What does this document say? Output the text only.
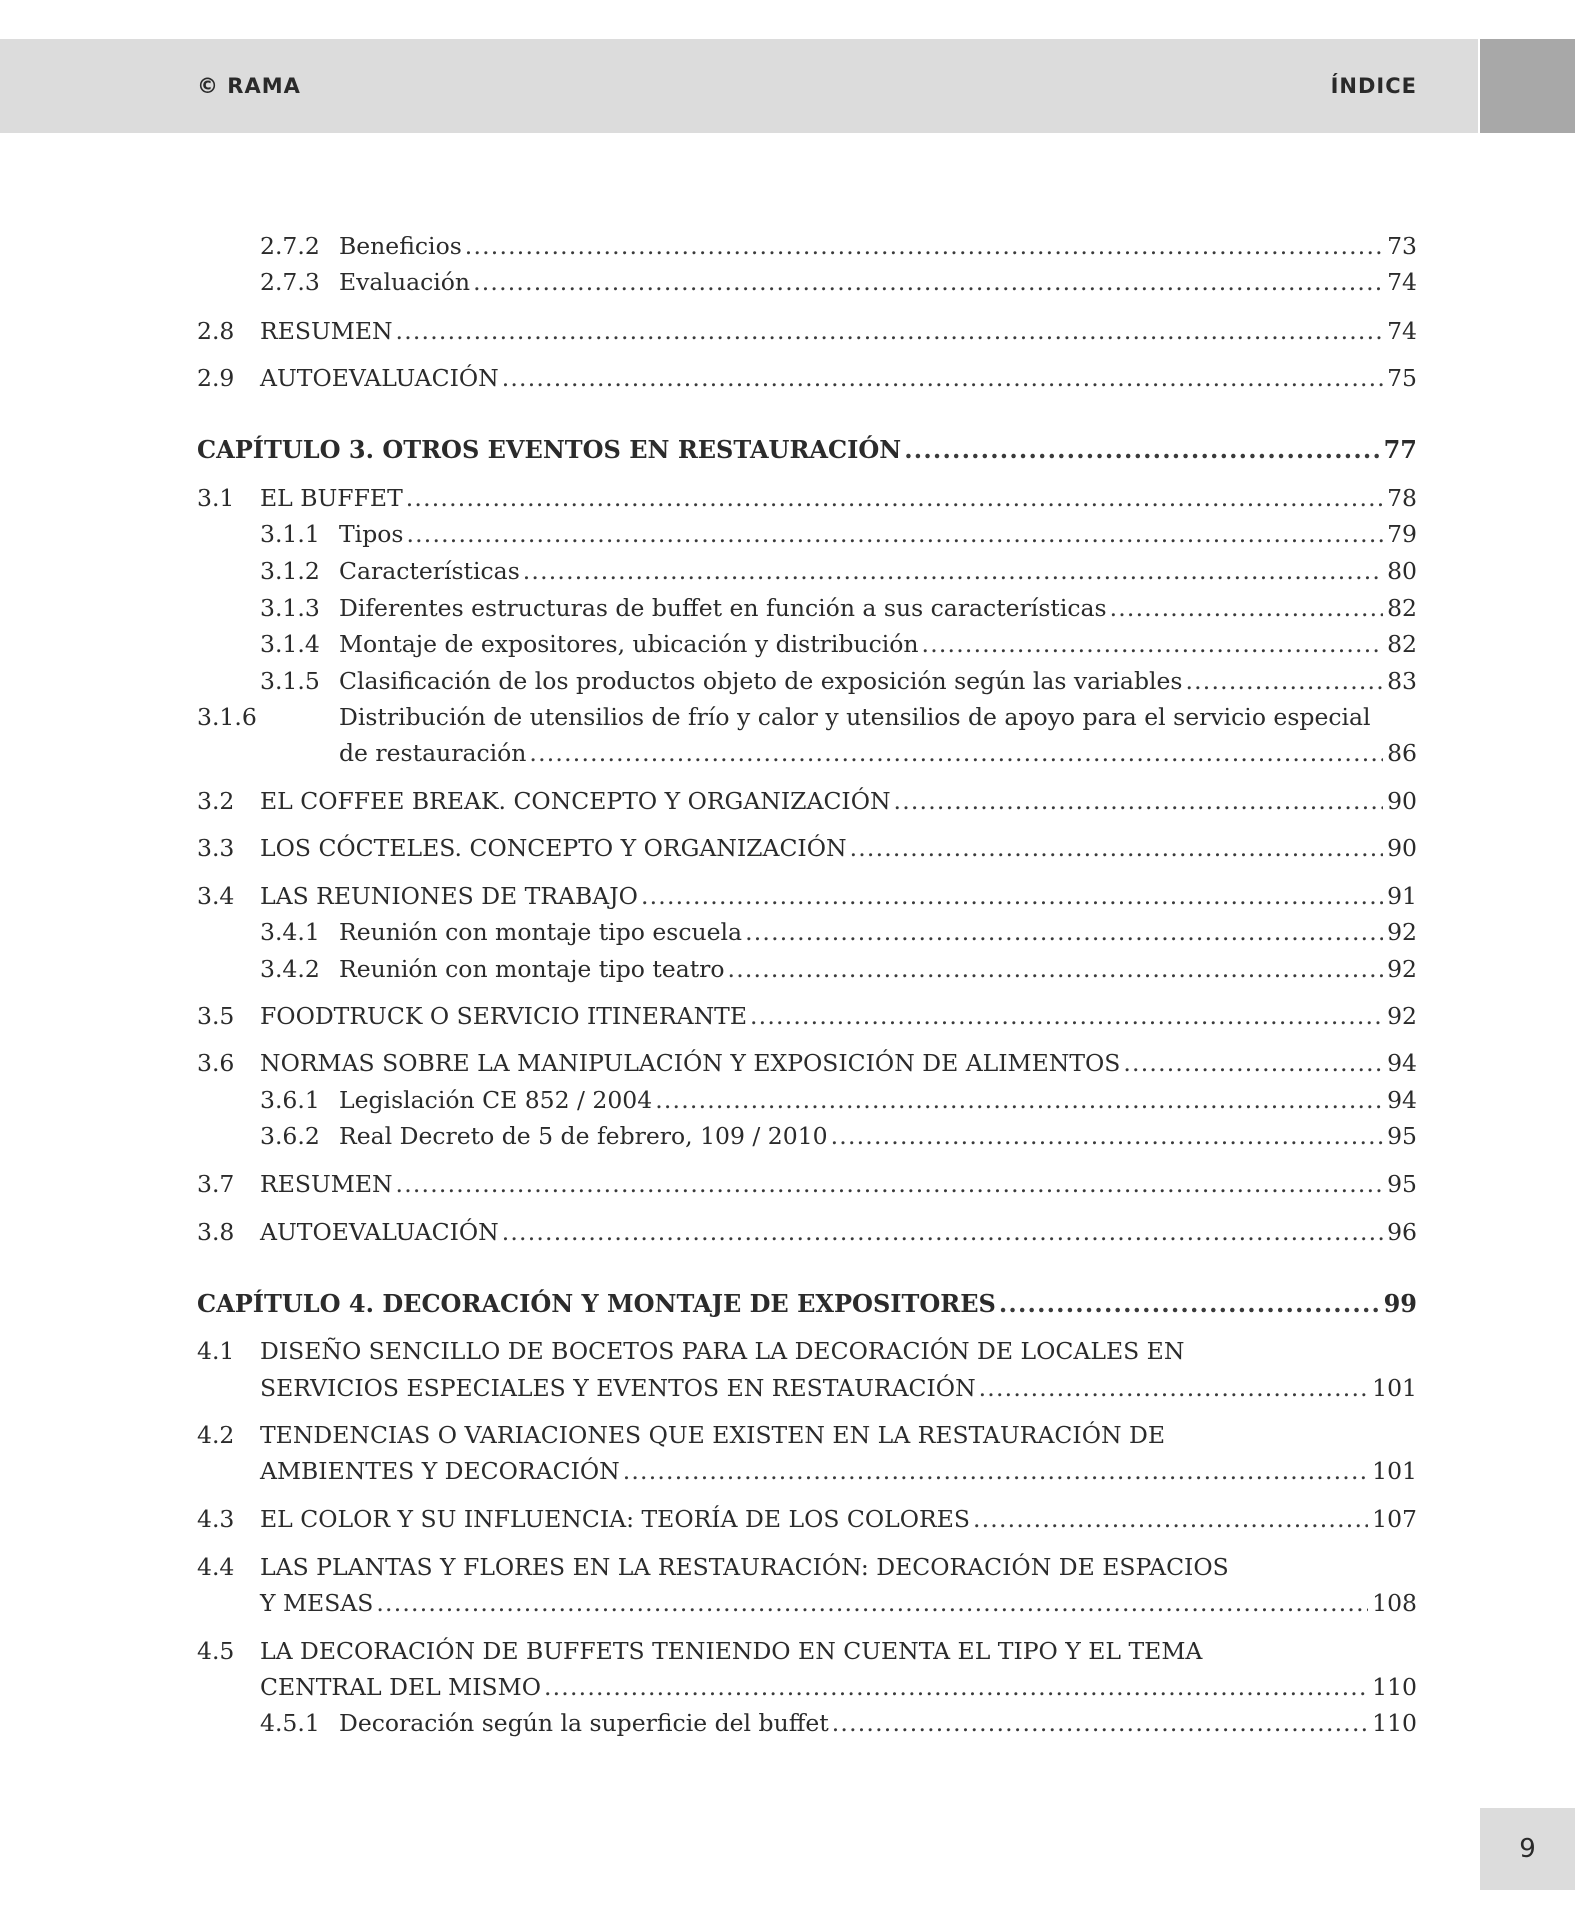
© RAMA	ÍNDICE
2.7.2 Beneficios .....	73
2.7.3 Evaluación .....	74
2.8 RESUMEN .....	74
2.9 AUTOEVALUACIÓN .....	75
CAPÍTULO 3. OTROS EVENTOS EN RESTAURACIÓN .....	77
3.1 EL BUFFET .....	78
3.1.1 Tipos .....	79
3.1.2 Características .....	80
3.1.3 Diferentes estructuras de buffet en función a sus características .....	82
3.1.4 Montaje de expositores, ubicación y distribución .....	82
3.1.5 Clasificación de los productos objeto de exposición según las variables .....	83
3.1.6	Distribución de utensilios de frío y calor y utensilios de apoyo para el servicio especial
de restauración .....	86
3.2 EL COFFEE BREAK. CONCEPTO Y ORGANIZACIÓN .....	90
3.3 LOS CÓCTELES. CONCEPTO Y ORGANIZACIÓN .....	90
3.4 LAS REUNIONES DE TRABAJO .....	91
3.4.1 Reunión con montaje tipo escuela .....	92
3.4.2 Reunión con montaje tipo teatro .....	92
3.5 FOODTRUCK O SERVICIO ITINERANTE .....	92
3.6 NORMAS SOBRE LA MANIPULACIÓN Y EXPOSICIÓN DE ALIMENTOS .....	94
3.6.1 Legislación CE 852 / 2004 .....	94
3.6.2 Real Decreto de 5 de febrero, 109 / 2010 .....	95
3.7 RESUMEN .....	95
3.8 AUTOEVALUACIÓN .....	96
CAPÍTULO 4. DECORACIÓN Y MONTAJE DE EXPOSITORES .....	99
4.1 DISEÑO SENCILLO DE BOCETOS PARA LA DECORACIÓN DE LOCALES EN
SERVICIOS ESPECIALES Y EVENTOS EN RESTAURACIÓN .....	101
4.2 TENDENCIAS O VARIACIONES QUE EXISTEN EN LA RESTAURACIÓN DE
AMBIENTES Y DECORACIÓN .....	101
4.3 EL COLOR Y SU INFLUENCIA: TEORÍA DE LOS COLORES .....	107
4.4 LAS PLANTAS Y FLORES EN LA RESTAURACIÓN: DECORACIÓN DE ESPACIOS
Y MESAS .....	108
4.5 LA DECORACIÓN DE BUFFETS TENIENDO EN CUENTA EL TIPO Y EL TEMA
CENTRAL DEL MISMO .....	110
4.5.1 Decoración según la superficie del buffet .....	110
9
